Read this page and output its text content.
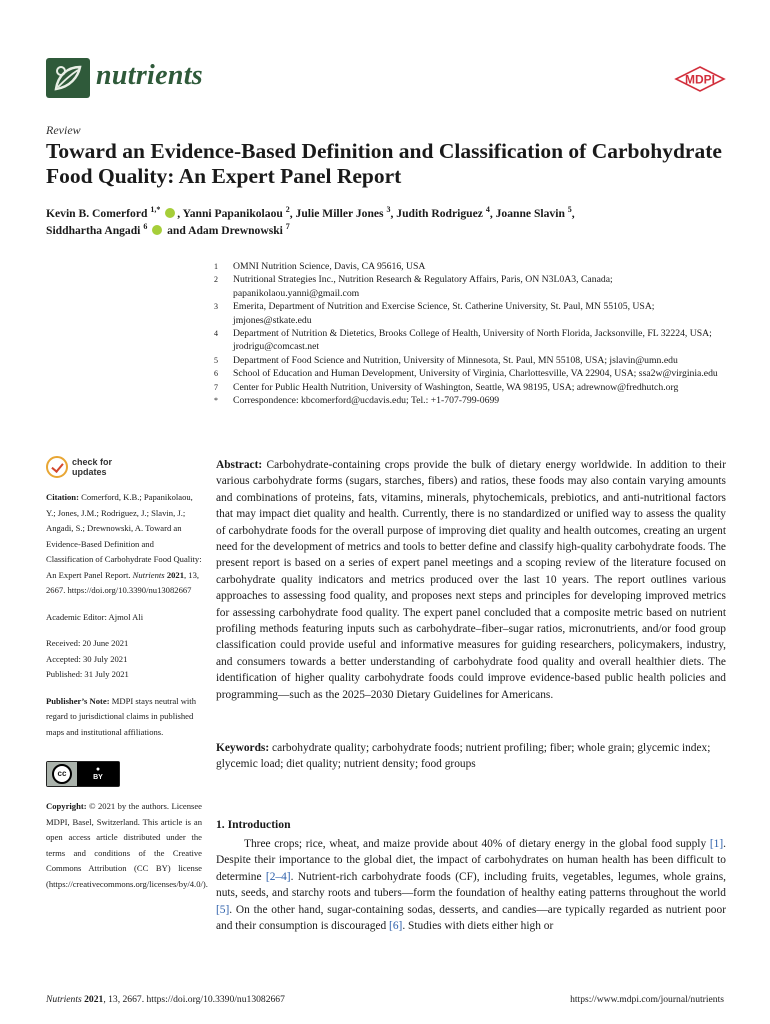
nutrients	MDPI
Review
Toward an Evidence-Based Definition and Classification of Carbohydrate Food Quality: An Expert Panel Report
Kevin B. Comerford $^{1,*}$ , Yanni Papanikolaou $^2$, Julie Miller Jones $^3$, Judith Rodriguez $^4$, Joanne Slavin $^5$,
Siddhartha Angadi $^6$  and Adam Drewnowski $^7$
1	OMNI Nutrition Science, Davis, CA 95616, USA
2	Nutritional Strategies Inc., Nutrition Research & Regulatory Affairs, Paris, ON N3L0A3, Canada; papanikolaou.yanni@gmail.com
3	Emerita, Department of Nutrition and Exercise Science, St. Catherine University, St. Paul, MN 55105, USA; jmjones@stkate.edu
4	Department of Nutrition & Dietetics, Brooks College of Health, University of North Florida, Jacksonville, FL 32224, USA; jrodrigu@comcast.net
5	Department of Food Science and Nutrition, University of Minnesota, St. Paul, MN 55108, USA; jslavin@umn.edu
6	School of Education and Human Development, University of Virginia, Charlottesville, VA 22904, USA; ssa2w@virginia.edu
7	Center for Public Health Nutrition, University of Washington, Seattle, WA 98195, USA; adrewnow@fredhutch.org
*	Correspondence: kbcomerford@ucdavis.edu; Tel.: +1-707-799-0699
check for
updates
Citation: Comerford, K.B.; Papanikolaou, Y.; Jones, J.M.; Rodriguez, J.; Slavin, J.; Angadi, S.; Drewnowski, A. Toward an Evidence-Based Definition and Classification of Carbohydrate Food Quality: An Expert Panel Report. Nutrients 2021, 13, 2667. https://doi.org/10.3390/nu13082667
Academic Editor: Ajmol Ali
Received: 20 June 2021
Accepted: 30 July 2021
Published: 31 July 2021
Publisher’s Note: MDPI stays neutral with regard to jurisdictional claims in published maps and institutional affiliations.
cc	●
BY
Copyright: © 2021 by the authors. Licensee MDPI, Basel, Switzerland. This article is an open access article distributed under the terms and conditions of the Creative Commons Attribution (CC BY) license (https://creativecommons.org/licenses/by/4.0/).
Abstract: Carbohydrate-containing crops provide the bulk of dietary energy worldwide. In addition to their various carbohydrate forms (sugars, starches, fibers) and ratios, these foods may also contain varying amounts and combinations of proteins, fats, vitamins, minerals, phytochemicals, prebiotics, and anti-nutritional factors that may impact diet quality and health. Currently, there is no standardized or unified way to assess the quality of carbohydrate foods for the overall purpose of improving diet quality and health outcomes, creating an urgent need for the development of metrics and tools to better define and classify high-quality carbohydrate foods. The present report is based on a series of expert panel meetings and a scoping review of the literature focused on carbohydrate quality indicators and metrics produced over the last 10 years. The report outlines various approaches to assessing food quality, and proposes next steps and principles for developing improved metrics for assessing carbohydrate food quality. The expert panel concluded that a composite metric based on nutrient profiling methods featuring inputs such as carbohydrate–fiber–sugar ratios, micronutrients, and/or food group classification could provide useful and informative measures for guiding researchers, policymakers, industry, and consumers towards a better understanding of carbohydrate food quality and overall healthier diets. The identification of higher quality carbohydrate foods could improve evidence-based public health policies and programming—such as the 2025–2030 Dietary Guidelines for Americans.
Keywords: carbohydrate quality; carbohydrate foods; nutrient profiling; fiber; whole grain; glycemic index; glycemic load; diet quality; nutrient density; food groups
1. Introduction
Three crops; rice, wheat, and maize provide about 40% of dietary energy in the global food supply [1]. Despite their importance to the global diet, the impact of carbohydrates on human health has been difficult to determine [2–4]. Nutrient-rich carbohydrate foods (CF), including fruits, vegetables, legumes, whole grains, nuts, seeds, and starchy roots and tubers—form the foundation of healthy eating patterns throughout the world [5]. On the other hand, sugar-containing sodas, desserts, and candies—are typically regarded as nutrient poor and their consumption is discouraged [6]. Studies with diets either high or
Nutrients 2021, 13, 2667. https://doi.org/10.3390/nu13082667	https://www.mdpi.com/journal/nutrients
